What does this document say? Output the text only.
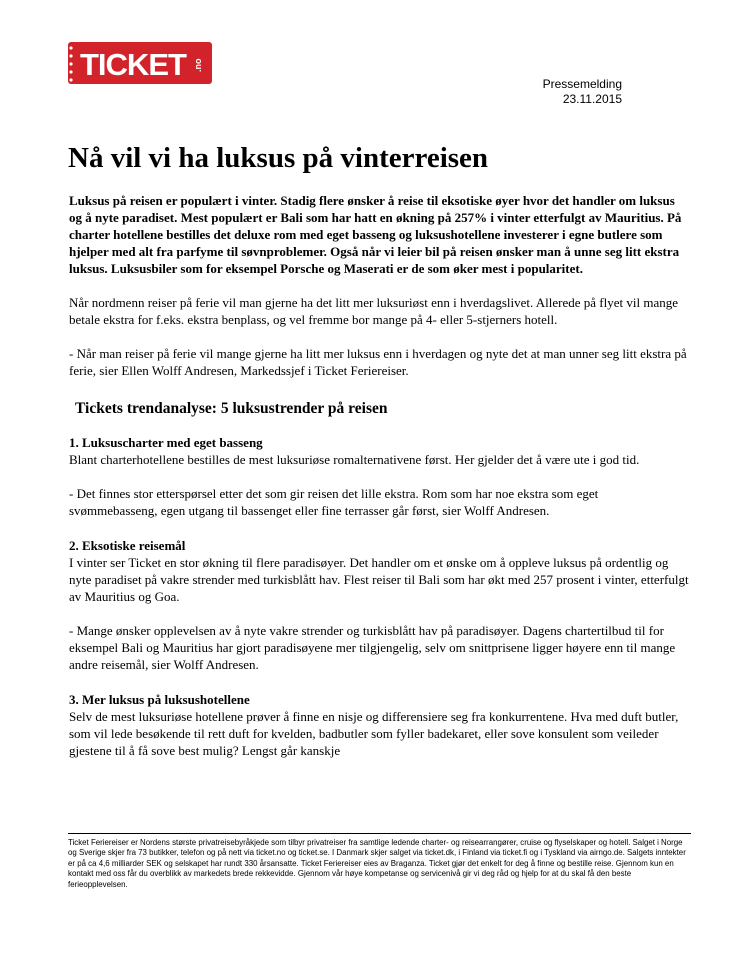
TICKET .no
Pressemelding
23.11.2015
Nå vil vi ha luksus på vinterreisen

Luksus på reisen er populært i vinter. Stadig flere ønsker å reise til eksotiske øyer hvor det handler om luksus og å nyte paradiset. Mest populært er Bali som har hatt en økning på 257% i vinter etterfulgt av Mauritius. På charter hotellene bestilles det deluxe rom med eget basseng og luksushotellene investerer i egne butlere som hjelper med alt fra parfyme til søvnproblemer. Også når vi leier bil på reisen ønsker man å unne seg litt ekstra luksus. Luksusbiler som for eksempel Porsche og Maserati er de som øker mest i popularitet.

Når nordmenn reiser på ferie vil man gjerne ha det litt mer luksuriøst enn i hverdagslivet. Allerede på flyet vil mange betale ekstra for f.eks. ekstra benplass, og vel fremme bor mange på 4- eller 5-stjerners hotell.

- Når man reiser på ferie vil mange gjerne ha litt mer luksus enn i hverdagen og nyte det at man unner seg litt ekstra på ferie, sier Ellen Wolff Andresen, Markedssjef i Ticket Feriereiser.

Tickets trendanalyse: 5 luksustrender på reisen

1. Luksuscharter med eget basseng
Blant charterhotellene bestilles de mest luksuriøse romalternativene først. Her gjelder det å være ute i god tid.

- Det finnes stor etterspørsel etter det som gir reisen det lille ekstra. Rom som har noe ekstra som eget svømmebasseng, egen utgang til bassenget eller fine terrasser går først, sier Wolff Andresen.

2. Eksotiske reisemål
I vinter ser Ticket en stor økning til flere paradisøyer. Det handler om et ønske om å oppleve luksus på ordentlig og nyte paradiset på vakre strender med turkisblått hav. Flest reiser til Bali som har økt med 257 prosent i vinter, etterfulgt av Mauritius og Goa.

- Mange ønsker opplevelsen av å nyte vakre strender og turkisblått hav på paradisøyer. Dagens chartertilbud til for eksempel Bali og Mauritius har gjort paradisøyene mer tilgjengelig, selv om snittprisene ligger høyere enn til mange andre reisemål, sier Wolff Andresen.

3. Mer luksus på luksushotellene
Selv de mest luksuriøse hotellene prøver å finne en nisje og differensiere seg fra konkurrentene. Hva med duft butler, som vil lede besøkende til rett duft for kvelden, badbutler som fyller badekaret, eller sove konsulent som veileder gjestene til å få sove best mulig? Lengst går kanskje

Ticket Feriereiser er Nordens største privatreisebyråkjede som tilbyr privatreiser fra samtlige ledende charter- og reisearrangører, cruise og flyselskaper og hotell. Salget i Norge og Sverige skjer fra 73 butikker, telefon og på nett via ticket.no og ticket.se. I Danmark skjer salget via ticket.dk, i Finland via ticket.fi og i Tyskland via airngo.de. Salgets inntekter er på ca 4,6 milliarder SEK og selskapet har rundt 330 årsansatte. Ticket Feriereiser eies av Braganza. Ticket gjør det enkelt for deg å finne og bestille reise. Gjennom kun en kontakt med oss får du overblikk av markedets brede rekkevidde. Gjennom vår høye kompetanse og servicenivå gir vi deg råd og hjelp for at du skal få den beste ferieopplevelsen.
